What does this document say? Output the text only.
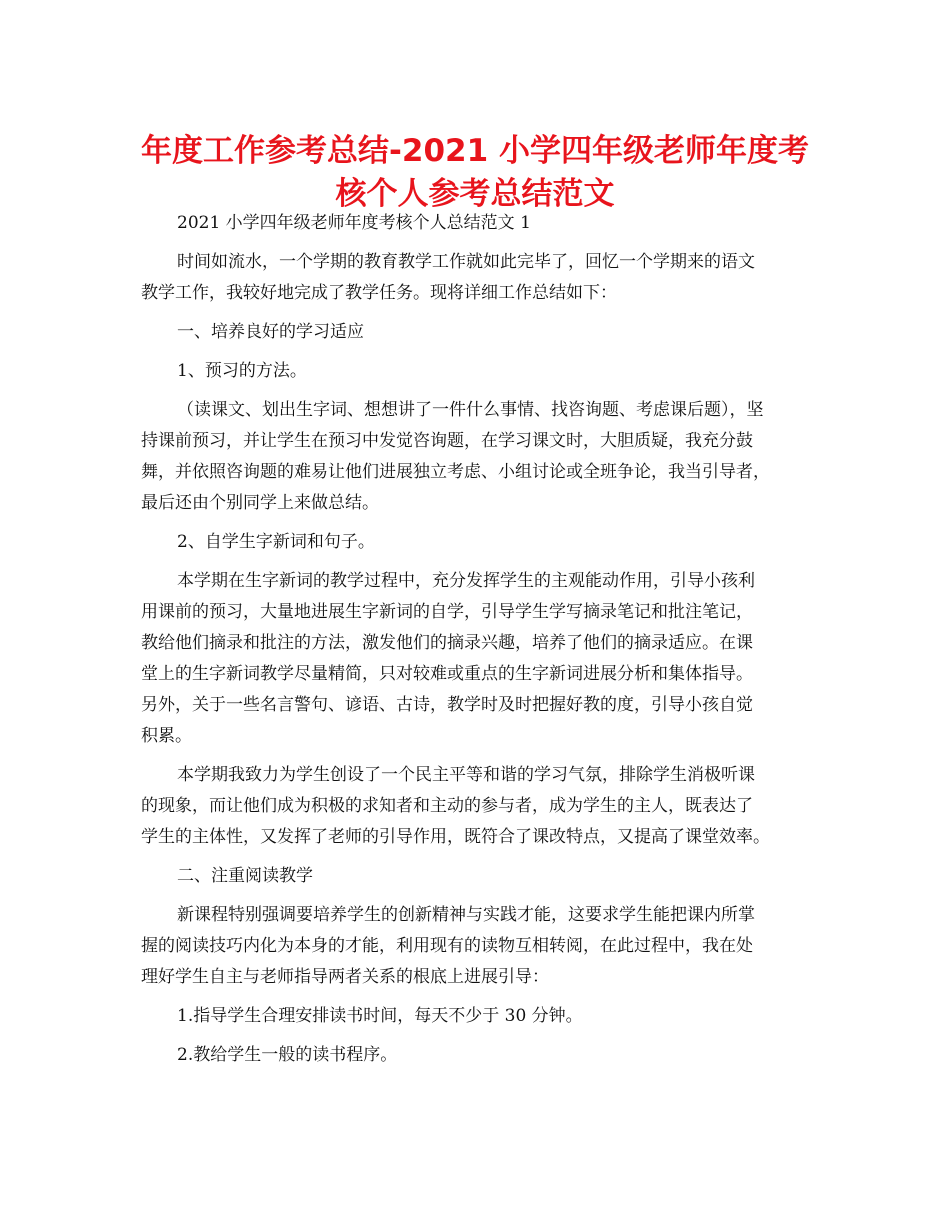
年度工作参考总结-2021 小学四年级老师年度考
核个人参考总结范文
2021 小学四年级老师年度考核个人总结范文 1
时间如流水，一个学期的教育教学工作就如此完毕了，回忆一个学期来的语文
教学工作，我较好地完成了教学任务。现将详细工作总结如下：
一、培养良好的学习适应
1、预习的方法。
（读课文、划出生字词、想想讲了一件什么事情、找咨询题、考虑课后题），坚
持课前预习，并让学生在预习中发觉咨询题，在学习课文时，大胆质疑，我充分鼓
舞，并依照咨询题的难易让他们进展独立考虑、小组讨论或全班争论，我当引导者，
最后还由个别同学上来做总结。
2、自学生字新词和句子。
本学期在生字新词的教学过程中，充分发挥学生的主观能动作用，引导小孩利
用课前的预习，大量地进展生字新词的自学，引导学生学写摘录笔记和批注笔记，
教给他们摘录和批注的方法，激发他们的摘录兴趣，培养了他们的摘录适应。在课
堂上的生字新词教学尽量精简，只对较难或重点的生字新词进展分析和集体指导。
另外，关于一些名言警句、谚语、古诗，教学时及时把握好教的度，引导小孩自觉
积累。
本学期我致力为学生创设了一个民主平等和谐的学习气氛，排除学生消极听课
的现象，而让他们成为积极的求知者和主动的参与者，成为学生的主人，既表达了
学生的主体性，又发挥了老师的引导作用，既符合了课改特点，又提高了课堂效率。
二、注重阅读教学
新课程特别强调要培养学生的创新精神与实践才能，这要求学生能把课内所掌
握的阅读技巧内化为本身的才能，利用现有的读物互相转阅，在此过程中，我在处
理好学生自主与老师指导两者关系的根底上进展引导：
1.指导学生合理安排读书时间，每天不少于 30 分钟。
2.教给学生一般的读书程序。
